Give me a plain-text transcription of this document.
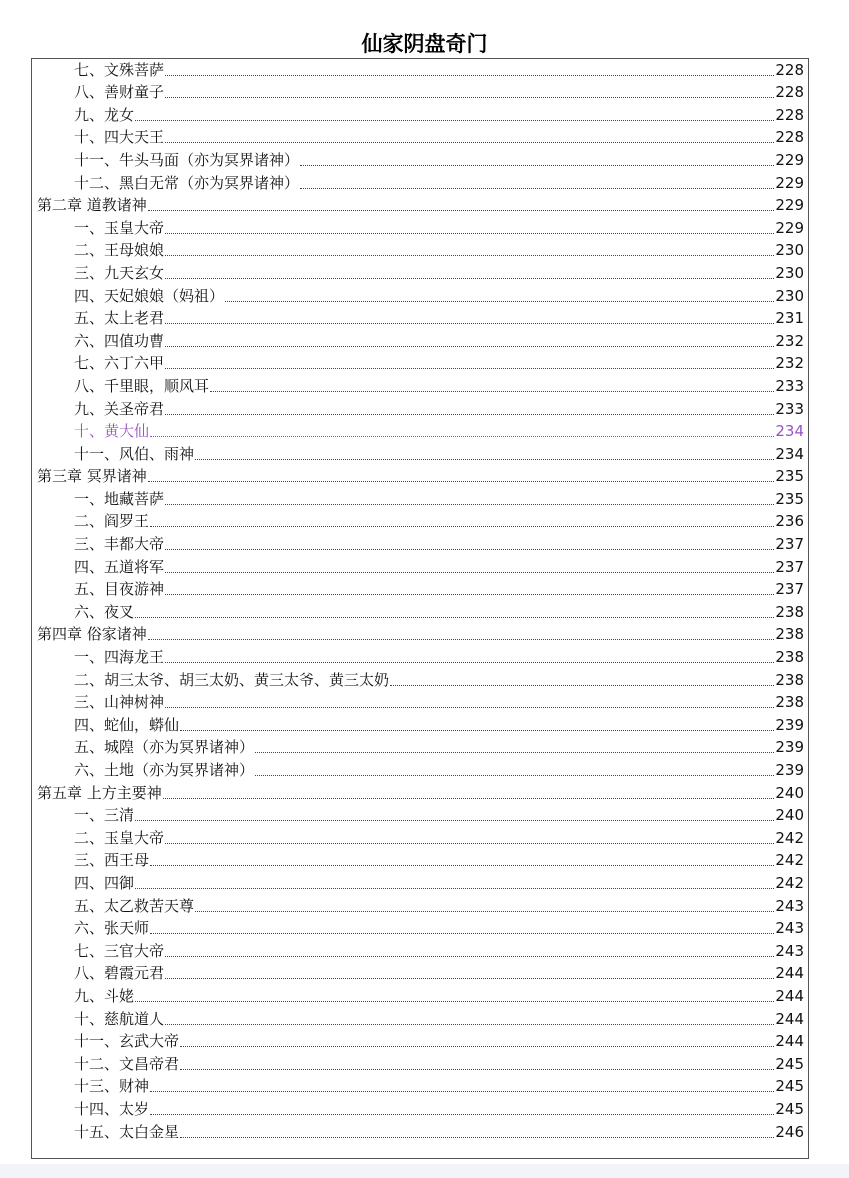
仙家阴盘奇门
七、文殊菩萨	228
八、善财童子	228
九、龙女	228
十、四大天王	228
十一、牛头马面（亦为冥界诸神）	229
十二、黑白无常（亦为冥界诸神）	229
第二章 道教诸神	229
一、玉皇大帝	229
二、王母娘娘	230
三、九天玄女	230
四、天妃娘娘（妈祖）	230
五、太上老君	231
六、四值功曹	232
七、六丁六甲	232
八、千里眼，顺风耳	233
九、关圣帝君	233
十、黄大仙	234
十一、风伯、雨神	234
第三章 冥界诸神	235
一、地藏菩萨	235
二、阎罗王	236
三、丰都大帝	237
四、五道将军	237
五、目夜游神	237
六、夜叉	238
第四章 俗家诸神	238
一、四海龙王	238
二、胡三太爷、胡三太奶、黄三太爷、黄三太奶	238
三、山神树神	238
四、蛇仙，蟒仙	239
五、城隍（亦为冥界诸神）	239
六、土地（亦为冥界诸神）	239
第五章 上方主要神	240
一、三清	240
二、玉皇大帝	242
三、西王母	242
四、四御	242
五、太乙救苦天尊	243
六、张天师	243
七、三官大帝	243
八、碧霞元君	244
九、斗姥	244
十、慈航道人	244
十一、玄武大帝	244
十二、文昌帝君	245
十三、财神	245
十四、太岁	245
十五、太白金星	246
